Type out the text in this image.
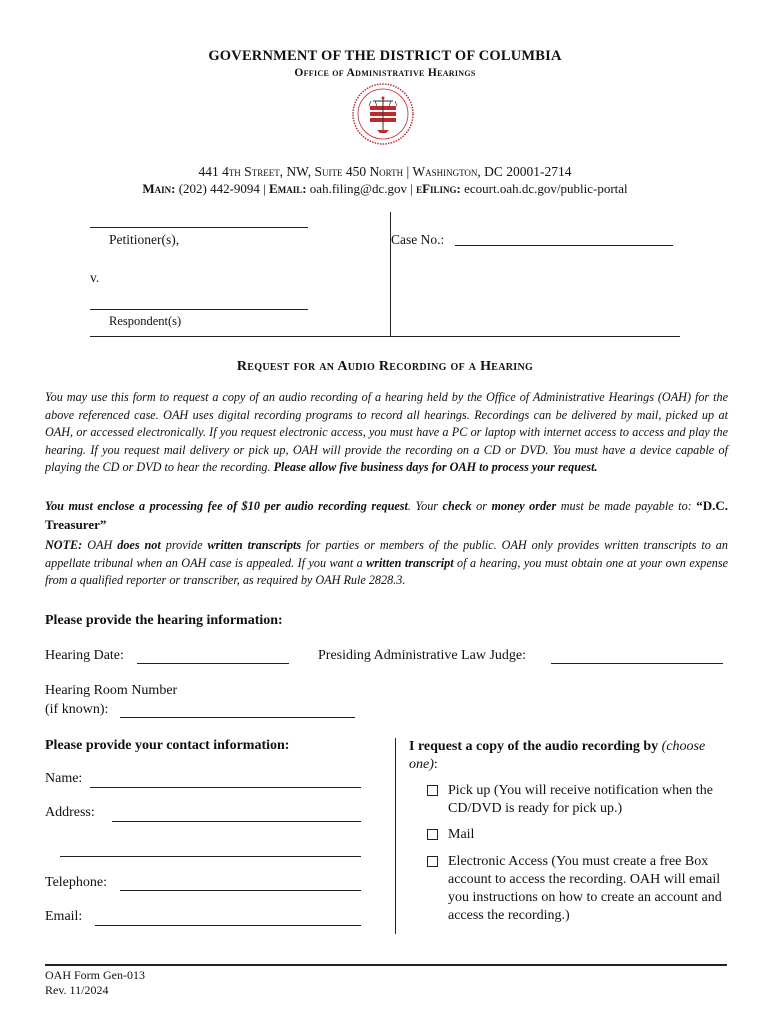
GOVERNMENT OF THE DISTRICT OF COLUMBIA
Office of Administrative Hearings
441 4th Street, NW, Suite 450 North | Washington, DC 20001-2714
Main: (202) 442-9094 | Email: oah.filing@dc.gov | eFiling: ecourt.oah.dc.gov/public-portal
Petitioner(s),
v.
Respondent(s)
Case No.:
Request for an Audio Recording of a Hearing
You may use this form to request a copy of an audio recording of a hearing held by the Office of Administrative Hearings (OAH) for the above referenced case. OAH uses digital recording programs to record all hearings. Recordings can be delivered by mail, picked up at OAH, or accessed electronically. If you request electronic access, you must have a PC or laptop with internet access to access and play the hearing. If you request mail delivery or pick up, OAH will provide the recording on a CD or DVD. You must have a device capable of playing the CD or DVD to hear the recording. Please allow five business days for OAH to process your request.
You must enclose a processing fee of $10 per audio recording request. Your check or money order must be made payable to: “D.C. Treasurer”
NOTE: OAH does not provide written transcripts for parties or members of the public. OAH only provides written transcripts to an appellate tribunal when an OAH case is appealed. If you want a written transcript of a hearing, you must obtain one at your own expense from a qualified reporter or transcriber, as required by OAH Rule 2828.3.
Please provide the hearing information:
Hearing Date:	Presiding Administrative Law Judge:
Hearing Room Number
(if known):
Please provide your contact information:
Name:
Address:
Telephone:
Email:
I request a copy of the audio recording by (choose one):
Pick up (You will receive notification when the CD/DVD is ready for pick up.)
Mail
Electronic Access (You must create a free Box account to access the recording. OAH will email you instructions on how to create an account and access the recording.)
OAH Form Gen-013
Rev. 11/2024
